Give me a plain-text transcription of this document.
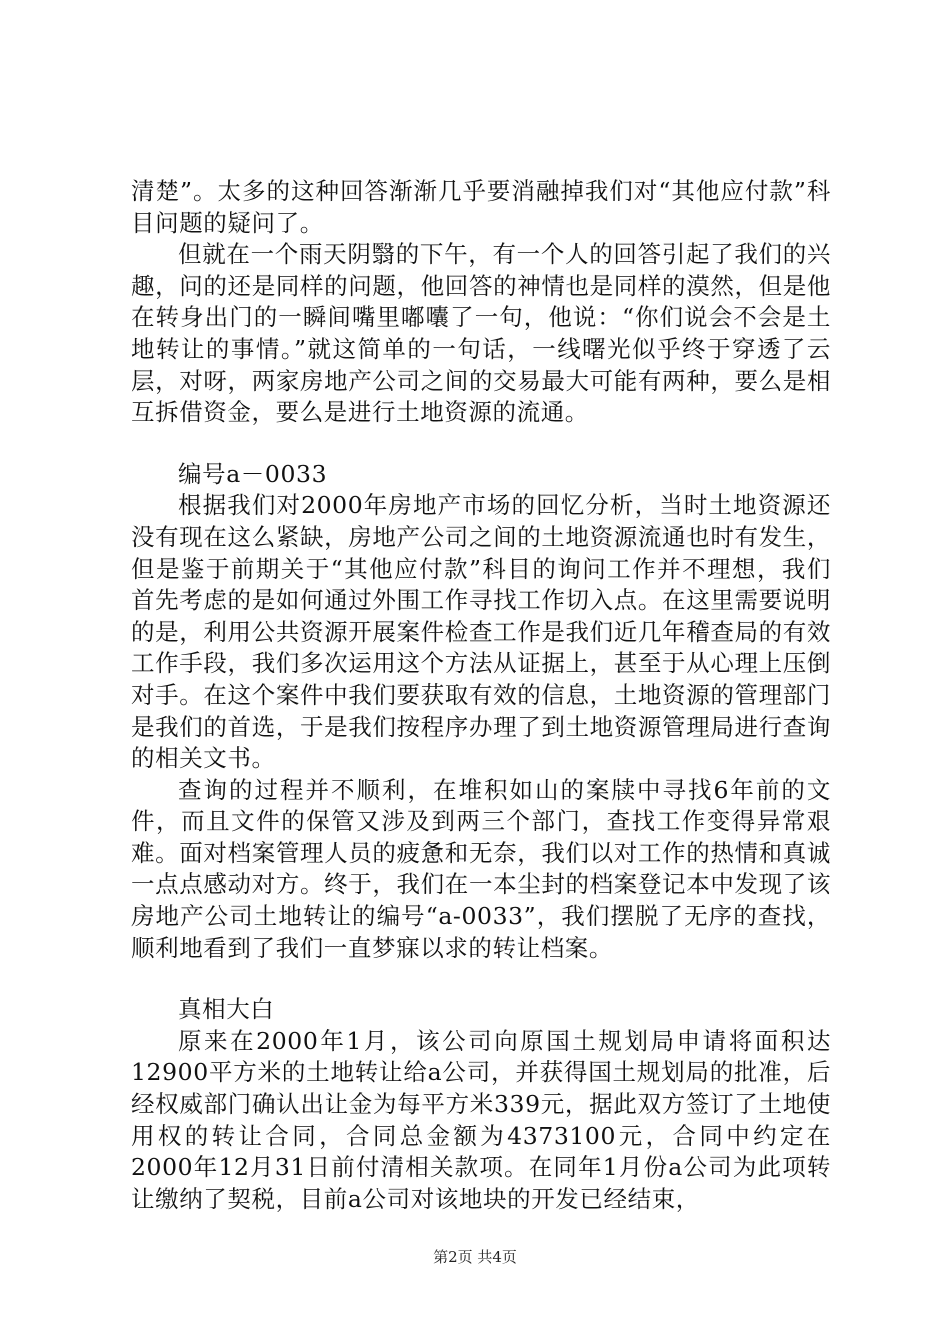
清楚”。太多的这种回答渐渐几乎要消融掉我们对“其他应付款”科目问题的疑问了。

但就在一个雨天阴翳的下午，有一个人的回答引起了我们的兴趣，问的还是同样的问题，他回答的神情也是同样的漠然，但是他在转身出门的一瞬间嘴里嘟囔了一句，他说：“你们说会不会是土地转让的事情。”就这简单的一句话，一线曙光似乎终于穿透了云层，对呀，两家房地产公司之间的交易最大可能有两种，要么是相互拆借资金，要么是进行土地资源的流通。

编号a－0033

根据我们对2000年房地产市场的回忆分析，当时土地资源还没有现在这么紧缺，房地产公司之间的土地资源流通也时有发生，但是鉴于前期关于“其他应付款”科目的询问工作并不理想，我们首先考虑的是如何通过外围工作寻找工作切入点。在这里需要说明的是，利用公共资源开展案件检查工作是我们近几年稽查局的有效工作手段，我们多次运用这个方法从证据上，甚至于从心理上压倒对手。在这个案件中我们要获取有效的信息，土地资源的管理部门是我们的首选，于是我们按程序办理了到土地资源管理局进行查询的相关文书。

查询的过程并不顺利，在堆积如山的案牍中寻找6年前的文件，而且文件的保管又涉及到两三个部门，查找工作变得异常艰难。面对档案管理人员的疲惫和无奈，我们以对工作的热情和真诚一点点感动对方。终于，我们在一本尘封的档案登记本中发现了该房地产公司土地转让的编号“a-0033”，我们摆脱了无序的查找，顺利地看到了我们一直梦寐以求的转让档案。

真相大白

原来在2000年1月，该公司向原国土规划局申请将面积达12900平方米的土地转让给a公司，并获得国土规划局的批准，后经权威部门确认出让金为每平方米339元，据此双方签订了土地使用权的转让合同，合同总金额为4373100元，合同中约定在2000年12月31日前付清相关款项。在同年1月份a公司为此项转让缴纳了契税，目前a公司对该地块的开发已经结束，

第2页 共4页
